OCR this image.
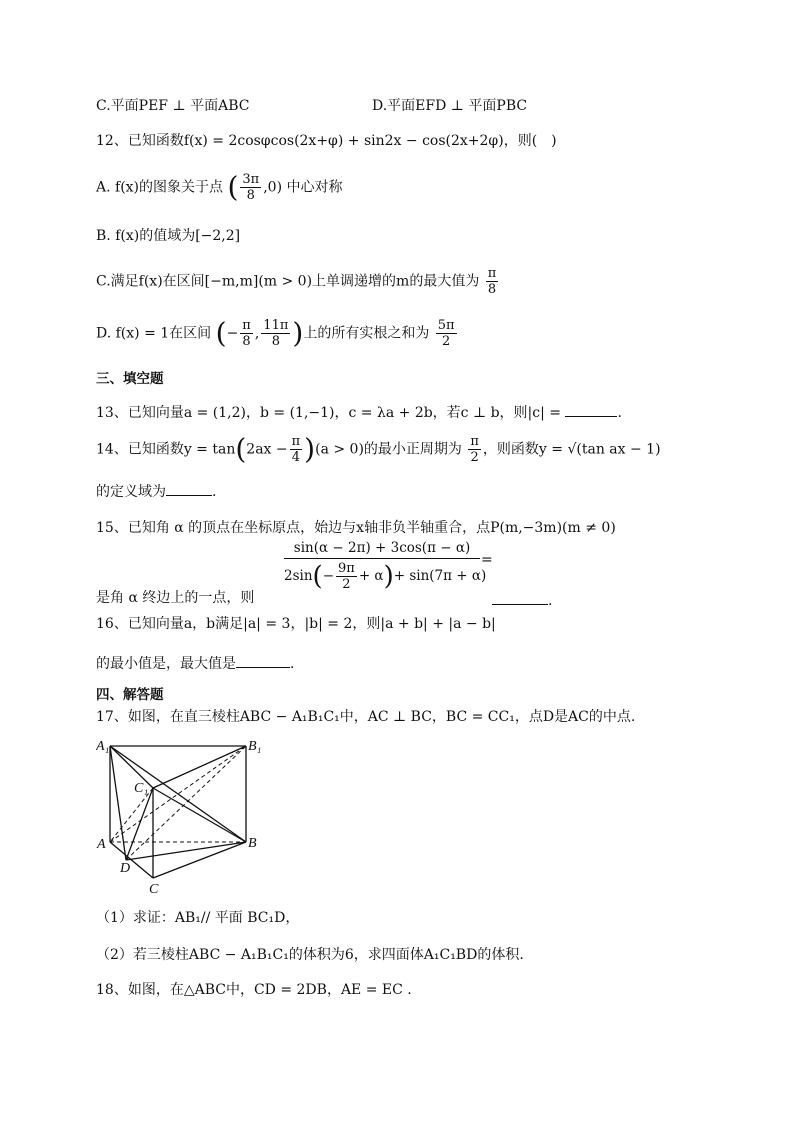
C.平面PEF ⊥ 平面ABC	D.平面EFD ⊥ 平面PBC
12、已知函数f(x) = 2cosφcos(2x+φ) + sin2x − cos(2x+2φ)，则(　)
A. f(x)的图象关于点 ( $\frac{3\pi}{8} ,0$) 中心对称
B. f(x)的值域为[−2,2]
C.满足f(x)在区间[−m,m](m > 0)上单调递增的m的最大值为 $\frac{\pi}{8}$
D. f(x) = 1在区间 (− $\frac{\pi}{8}$ , $\frac{11\pi}{8}$ )上的所有实根之和为 $\frac{5\pi}{2}$
三、填空题
13、已知向量a = (1,2)，b = (1,−1)，c = λa + 2b，若c ⊥ b，则|c| =	.
14、已知函数$y = \tan(2ax - \frac{\pi}{4} )(a > 0)$的最小正周期为 $\frac{\pi}{2}$ ，则函数y = √(tan ax − 1)
的定义域为	.
15、已知角 α 的顶点在坐标原点，始边与x轴非负半轴重合，点P(m,−3m)(m ≠ 0)
$\frac{\sin(\alpha - 2\pi) + 3\cos(\pi - \alpha)}{2\sin(- \frac{9\pi}{2} + \alpha)+ \sin(7\pi + \alpha)}$ =
是角 α 终边上的一点，则	.
16、已知向量a，b满足|a| = 3，|b| = 2，则|a + b| + |a − b|
的最小值是，最大值是	.
四、解答题
17、如图，在直三棱柱ABC − A₁B₁C₁中，AC ⊥ BC，BC = CC₁，点D是AC的中点.
A₁	B₁
C₁
A	B
C
D
（1）求证：AB₁// 平面 BC₁D，
（2）若三棱柱ABC − A₁B₁C₁的体积为6，求四面体A₁C₁BD的体积.
18、如图，在△ABC中，CD = 2DB，AE = EC .
